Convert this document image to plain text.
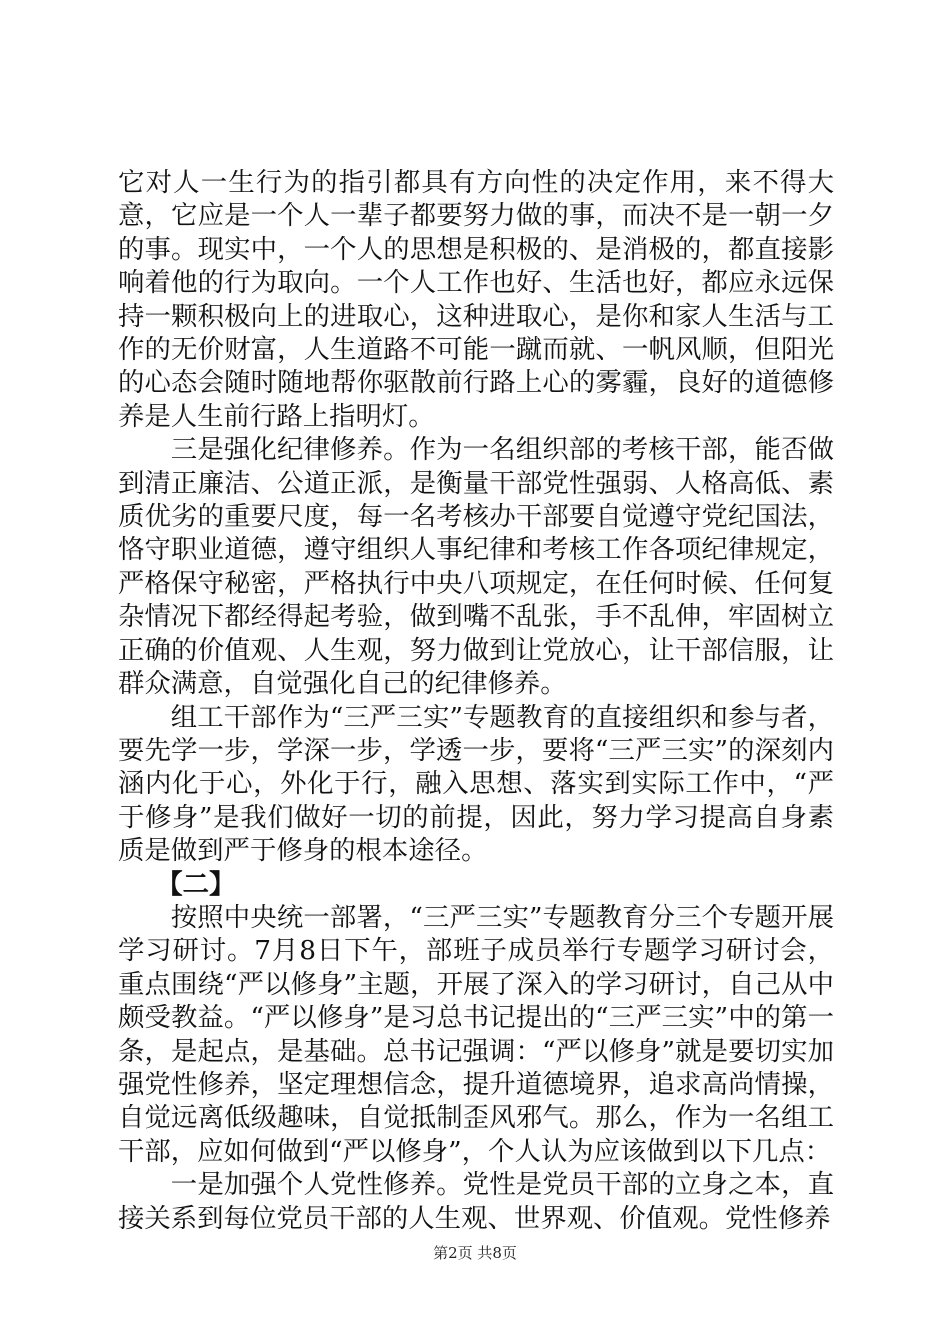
它对人一生行为的指引都具有方向性的决定作用，来不得大意，它应是一个人一辈子都要努力做的事，而决不是一朝一夕的事。现实中，一个人的思想是积极的、是消极的，都直接影响着他的行为取向。一个人工作也好、生活也好，都应永远保持一颗积极向上的进取心，这种进取心，是你和家人生活与工作的无价财富，人生道路不可能一蹴而就、一帆风顺，但阳光的心态会随时随地帮你驱散前行路上心的雾霾，良好的道德修养是人生前行路上指明灯。

三是强化纪律修养。作为一名组织部的考核干部，能否做到清正廉洁、公道正派，是衡量干部党性强弱、人格高低、素质优劣的重要尺度，每一名考核办干部要自觉遵守党纪国法，恪守职业道德，遵守组织人事纪律和考核工作各项纪律规定，严格保守秘密，严格执行中央八项规定，在任何时候、任何复杂情况下都经得起考验，做到嘴不乱张，手不乱伸，牢固树立正确的价值观、人生观，努力做到让党放心，让干部信服，让群众满意，自觉强化自己的纪律修养。

组工干部作为“三严三实”专题教育的直接组织和参与者，要先学一步，学深一步，学透一步，要将“三严三实”的深刻内涵内化于心，外化于行，融入思想、落实到实际工作中，“严于修身”是我们做好一切的前提，因此，努力学习提高自身素质是做到严于修身的根本途径。

【二】

按照中央统一部署，“三严三实”专题教育分三个专题开展学习研讨。7月8日下午，部班子成员举行专题学习研讨会，重点围绕“严以修身”主题，开展了深入的学习研讨，自己从中颇受教益。“严以修身”是习总书记提出的“三严三实”中的第一条，是起点，是基础。总书记强调：“严以修身”就是要切实加强党性修养，坚定理想信念，提升道德境界，追求高尚情操，自觉远离低级趣味，自觉抵制歪风邪气。那么，作为一名组工干部，应如何做到“严以修身”，个人认为应该做到以下几点：

一是加强个人党性修养。党性是党员干部的立身之本，直接关系到每位党员干部的人生观、世界观、价值观。党性修养

第2页 共8页
